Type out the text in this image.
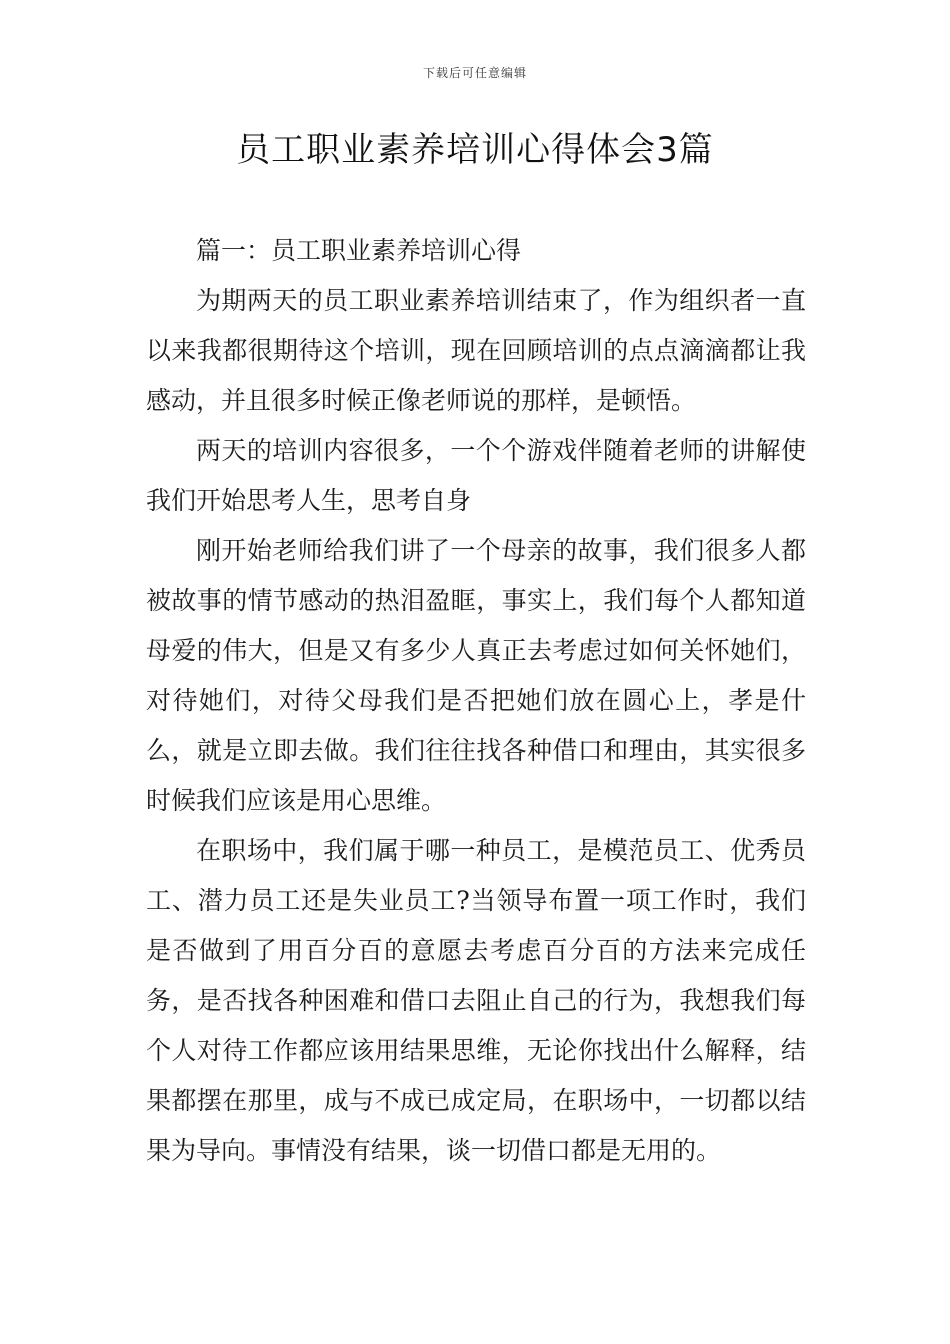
下载后可任意编辑
员工职业素养培训心得体会3篇

篇一：员工职业素养培训心得

为期两天的员工职业素养培训结束了，作为组织者一直以来我都很期待这个培训，现在回顾培训的点点滴滴都让我感动，并且很多时候正像老师说的那样，是顿悟。

两天的培训内容很多，一个个游戏伴随着老师的讲解使我们开始思考人生，思考自身

刚开始老师给我们讲了一个母亲的故事，我们很多人都被故事的情节感动的热泪盈眶，事实上，我们每个人都知道母爱的伟大，但是又有多少人真正去考虑过如何关怀她们，对待她们，对待父母我们是否把她们放在圆心上，孝是什么，就是立即去做。我们往往找各种借口和理由，其实很多时候我们应该是用心思维。

在职场中，我们属于哪一种员工，是模范员工、优秀员工、潜力员工还是失业员工?当领导布置一项工作时，我们是否做到了用百分百的意愿去考虑百分百的方法来完成任务，是否找各种困难和借口去阻止自己的行为，我想我们每个人对待工作都应该用结果思维，无论你找出什么解释，结果都摆在那里，成与不成已成定局，在职场中，一切都以结果为导向。事情没有结果，谈一切借口都是无用的。
